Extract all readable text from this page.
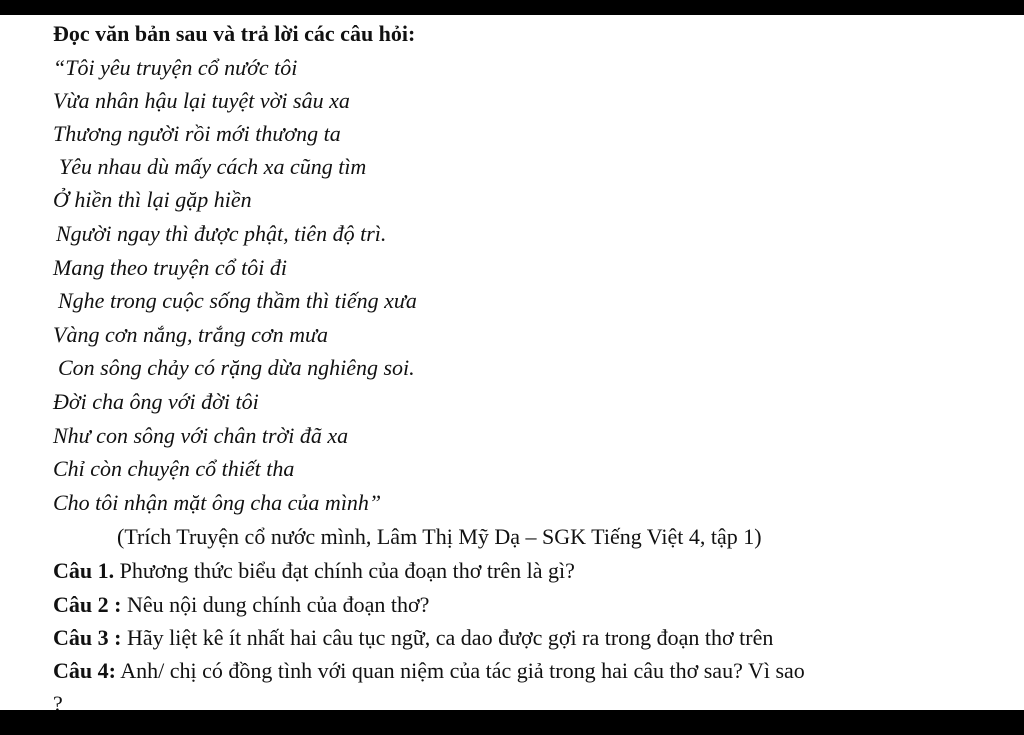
Đọc văn bản sau và trả lời các câu hỏi:
“Tôi yêu truyện cổ nước tôi
Vừa nhân hậu lại tuyệt vời sâu xa
Thương người rồi mới thương ta
Yêu nhau dù mấy cách xa cũng tìm
Ở hiền thì lại gặp hiền
Người ngay thì được phật, tiên độ trì.
Mang theo truyện cổ tôi đi
Nghe trong cuộc sống thầm thì tiếng xưa
Vàng cơn nắng, trắng cơn mưa
Con sông chảy có rặng dừa nghiêng soi.
Đời cha ông với đời tôi
Như con sông với chân trời đã xa
Chỉ còn chuyện cổ thiết tha
Cho tôi nhận mặt ông cha của mình”
(Trích Truyện cổ nước mình, Lâm Thị Mỹ Dạ – SGK Tiếng Việt 4, tập 1)
Câu 1. Phương thức biểu đạt chính của đoạn thơ trên là gì?
Câu 2 : Nêu nội dung chính của đoạn thơ?
Câu 3 : Hãy liệt kê ít nhất hai câu tục ngữ, ca dao được gợi ra trong đoạn thơ trên
Câu 4: Anh/ chị có đồng tình với quan niệm của tác giả trong hai câu thơ sau? Vì sao
?
